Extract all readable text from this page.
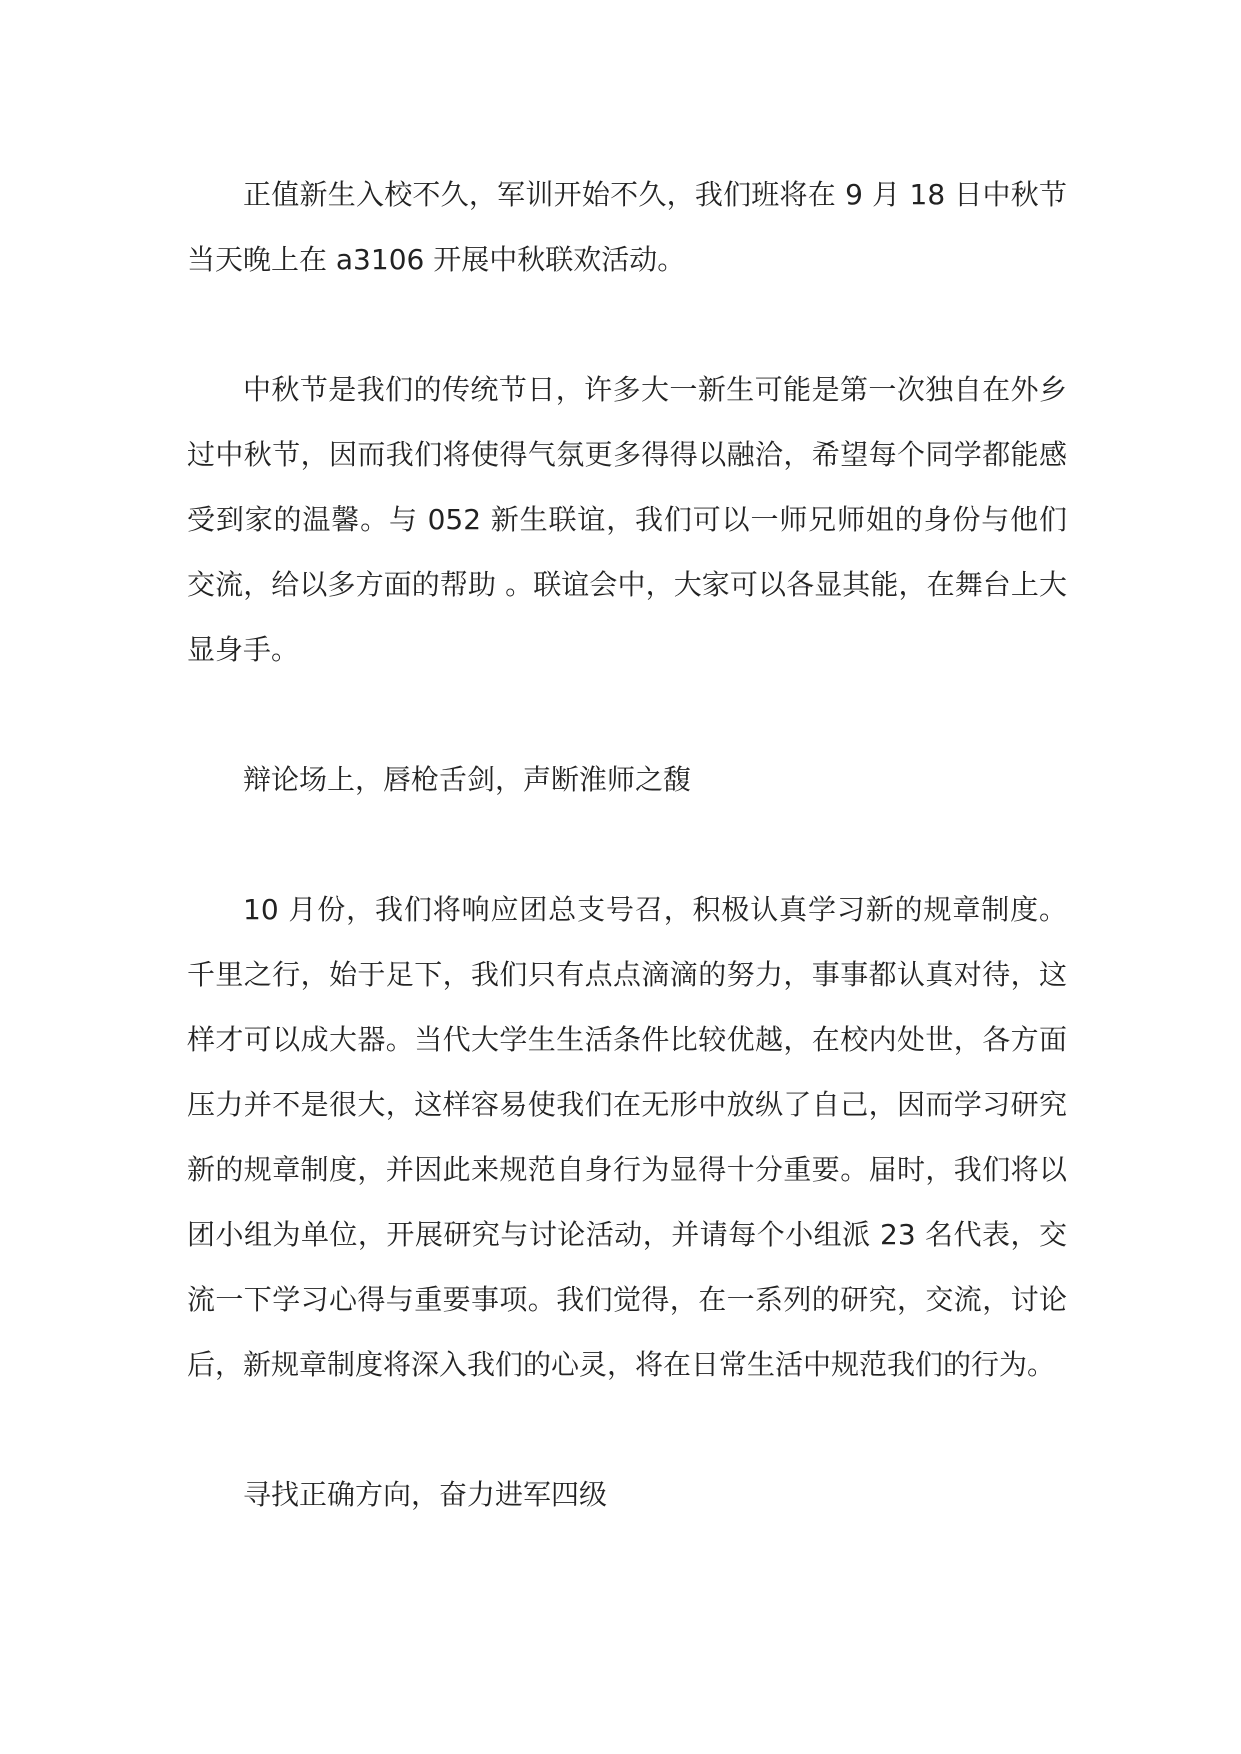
正值新生入校不久，军训开始不久，我们班将在 9 月 18 日中秋节当天晚上在 a3106 开展中秋联欢活动。

中秋节是我们的传统节日，许多大一新生可能是第一次独自在外乡过中秋节，因而我们将使得气氛更多得得以融洽，希望每个同学都能感受到家的温馨。与 052 新生联谊，我们可以一师兄师姐的身份与他们交流，给以多方面的帮助 。联谊会中，大家可以各显其能，在舞台上大显身手。

辩论场上，唇枪舌剑，声断淮师之馥

10 月份，我们将响应团总支号召，积极认真学习新的规章制度。千里之行，始于足下，我们只有点点滴滴的努力，事事都认真对待，这样才可以成大器。当代大学生生活条件比较优越，在校内处世，各方面压力并不是很大，这样容易使我们在无形中放纵了自己，因而学习研究新的规章制度，并因此来规范自身行为显得十分重要。届时，我们将以团小组为单位，开展研究与讨论活动，并请每个小组派 23 名代表，交流一下学习心得与重要事项。我们觉得，在一系列的研究，交流，讨论后，新规章制度将深入我们的心灵，将在日常生活中规范我们的行为。

寻找正确方向，奋力进军四级
